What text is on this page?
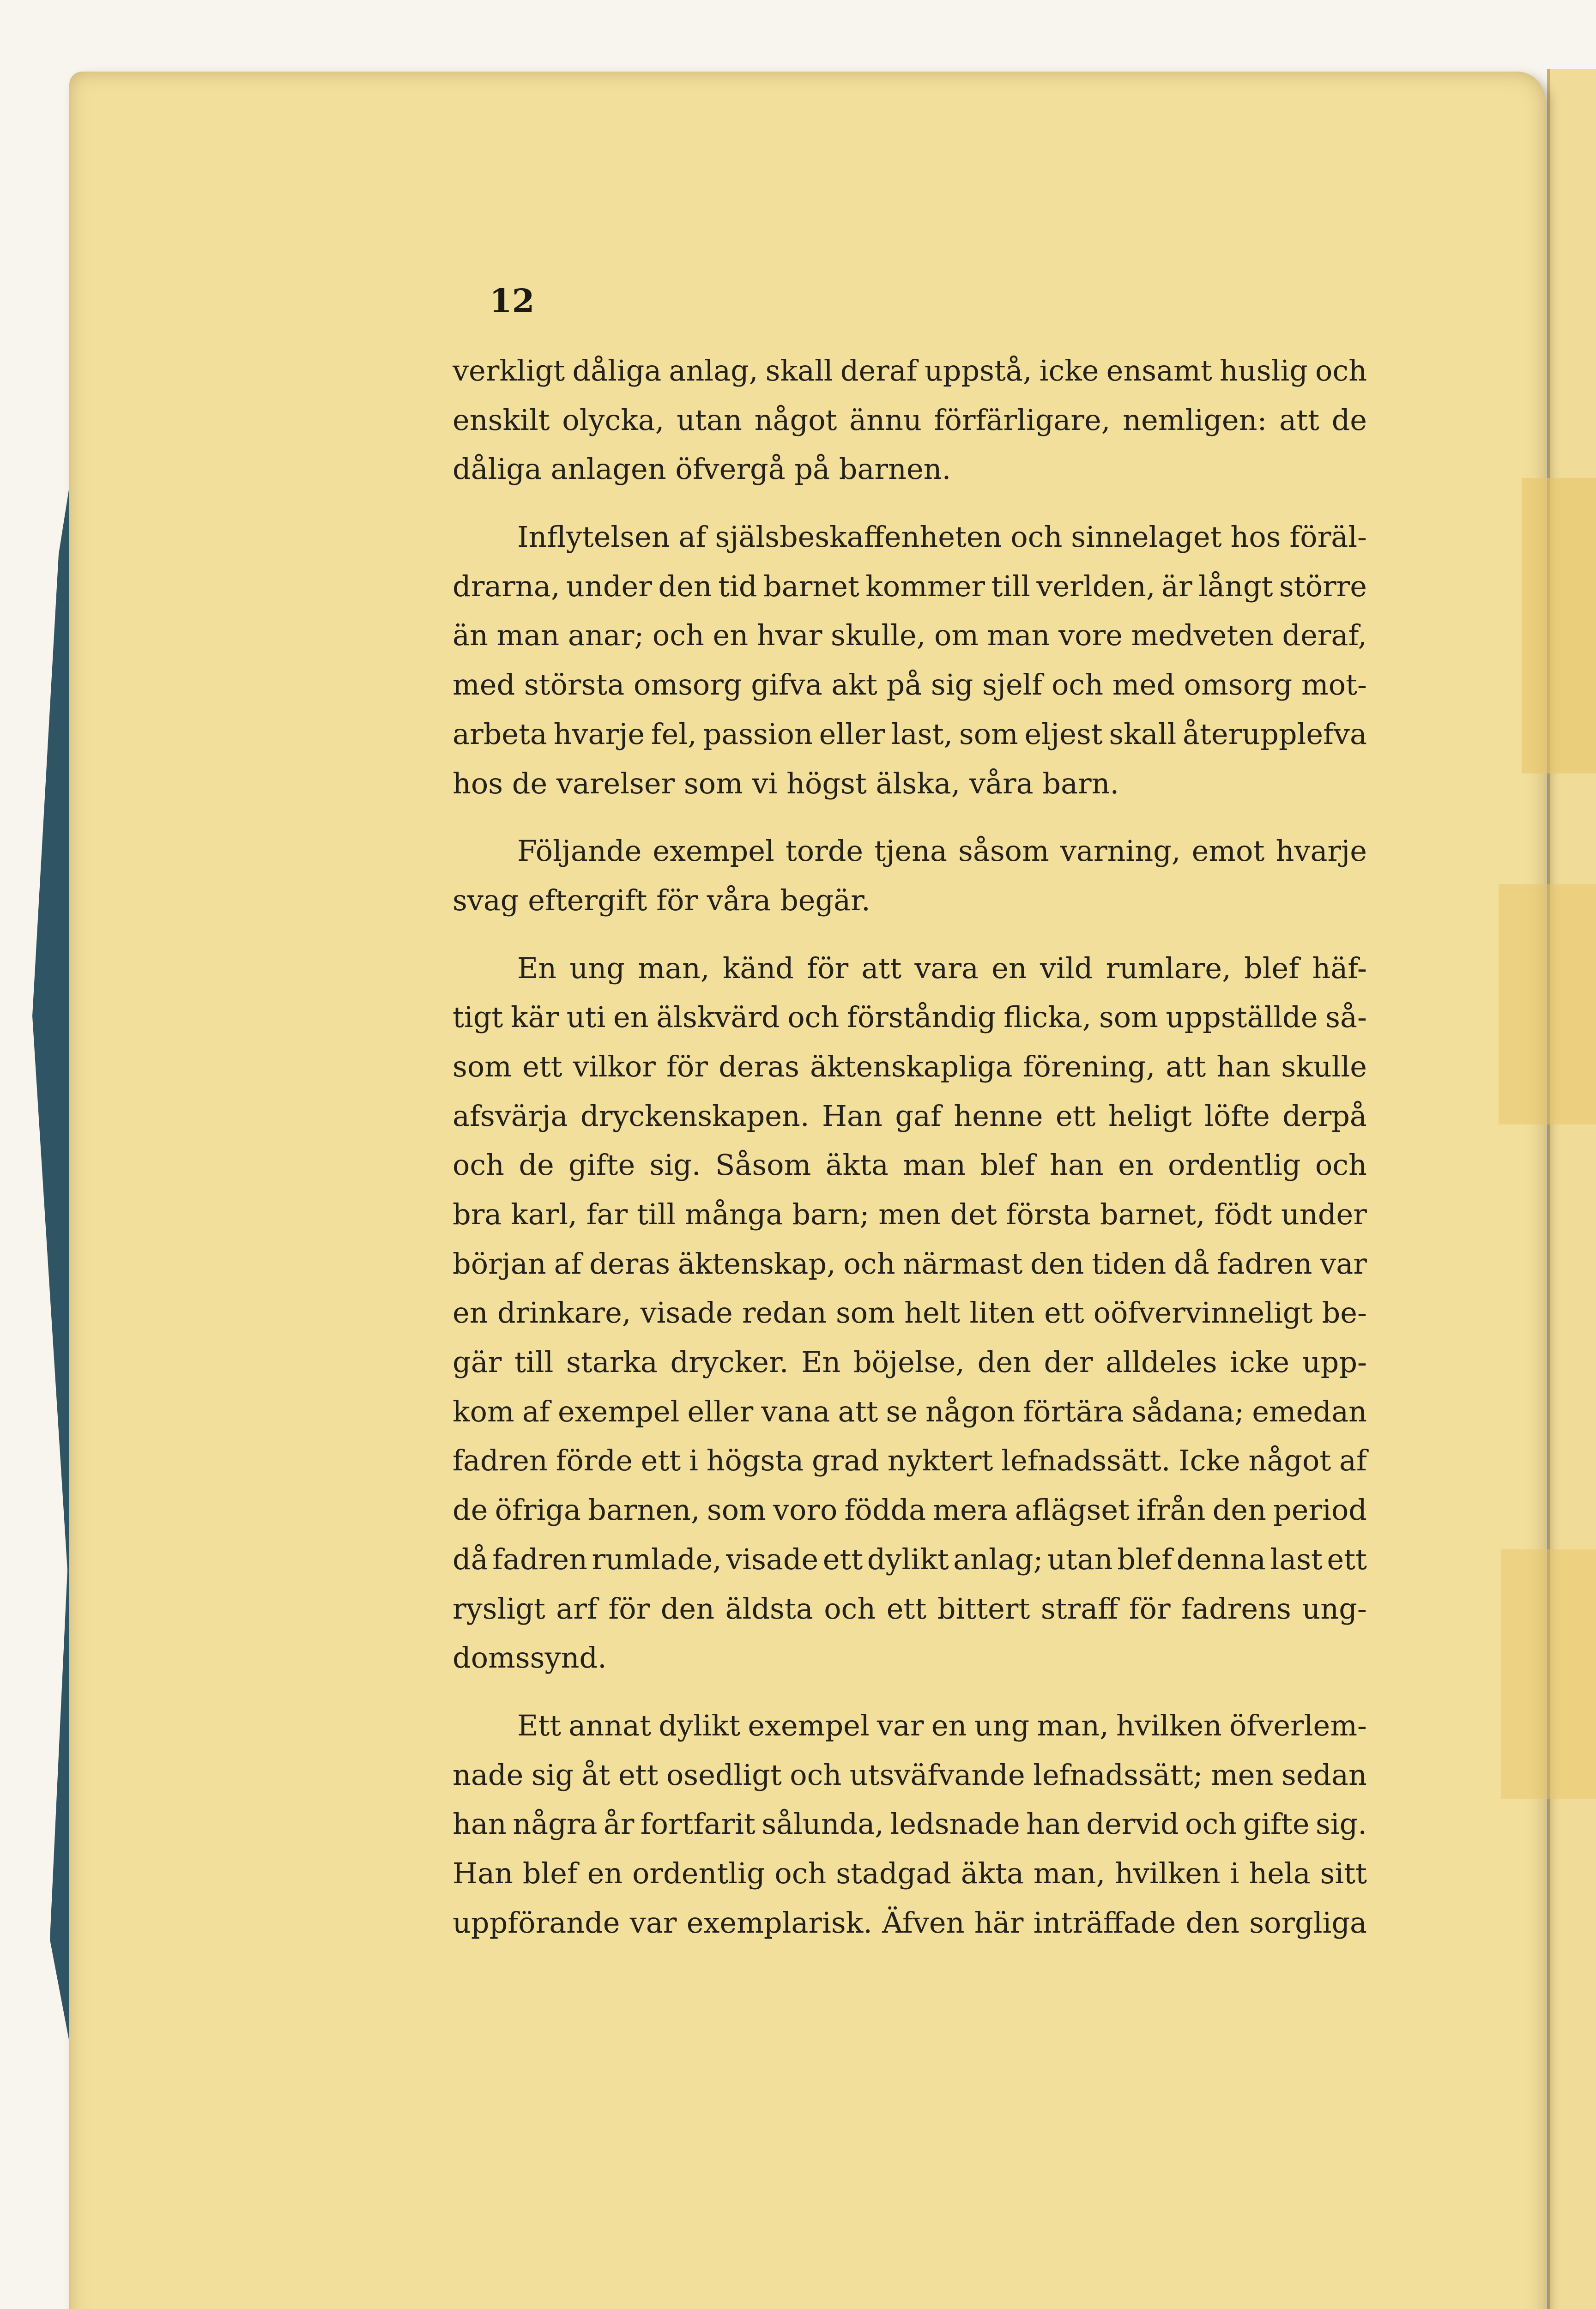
12
verkligt dåliga anlag, skall deraf uppstå, icke ensamt huslig och
enskilt olycka, utan något ännu förfärligare, nemligen: att de
dåliga anlagen öfvergå på barnen.
Inflytelsen af själsbeskaffenheten och sinnelaget hos föräl-
drarna, under den tid barnet kommer till verlden, är långt större
än man anar; och en hvar skulle, om man vore medveten deraf,
med största omsorg gifva akt på sig sjelf och med omsorg mot-
arbeta hvarje fel, passion eller last, som eljest skall återupplefva
hos de varelser som vi högst älska, våra barn.
Följande exempel torde tjena såsom varning, emot hvarje
svag eftergift för våra begär.
En ung man, känd för att vara en vild rumlare, blef häf-
tigt kär uti en älskvärd och förståndig flicka, som uppställde så-
som ett vilkor för deras äktenskapliga förening, att han skulle
afsvärja dryckenskapen. Han gaf henne ett heligt löfte derpå
och de gifte sig. Såsom äkta man blef han en ordentlig och
bra karl, far till många barn; men det första barnet, födt under
början af deras äktenskap, och närmast den tiden då fadren var
en drinkare, visade redan som helt liten ett oöfvervinneligt be-
gär till starka drycker. En böjelse, den der alldeles icke upp-
kom af exempel eller vana att se någon förtära sådana; emedan
fadren förde ett i högsta grad nyktert lefnadssätt. Icke något af
de öfriga barnen, som voro födda mera aflägset ifrån den period
då fadren rumlade, visade ett dylikt anlag; utan blef denna last ett
rysligt arf för den äldsta och ett bittert straff för fadrens ung-
domssynd.
Ett annat dylikt exempel var en ung man, hvilken öfverlem-
nade sig åt ett osedligt och utsväfvande lefnadssätt; men sedan
han några år fortfarit sålunda, ledsnade han dervid och gifte sig.
Han blef en ordentlig och stadgad äkta man, hvilken i hela sitt
uppförande var exemplarisk. Äfven här inträffade den sorgliga
